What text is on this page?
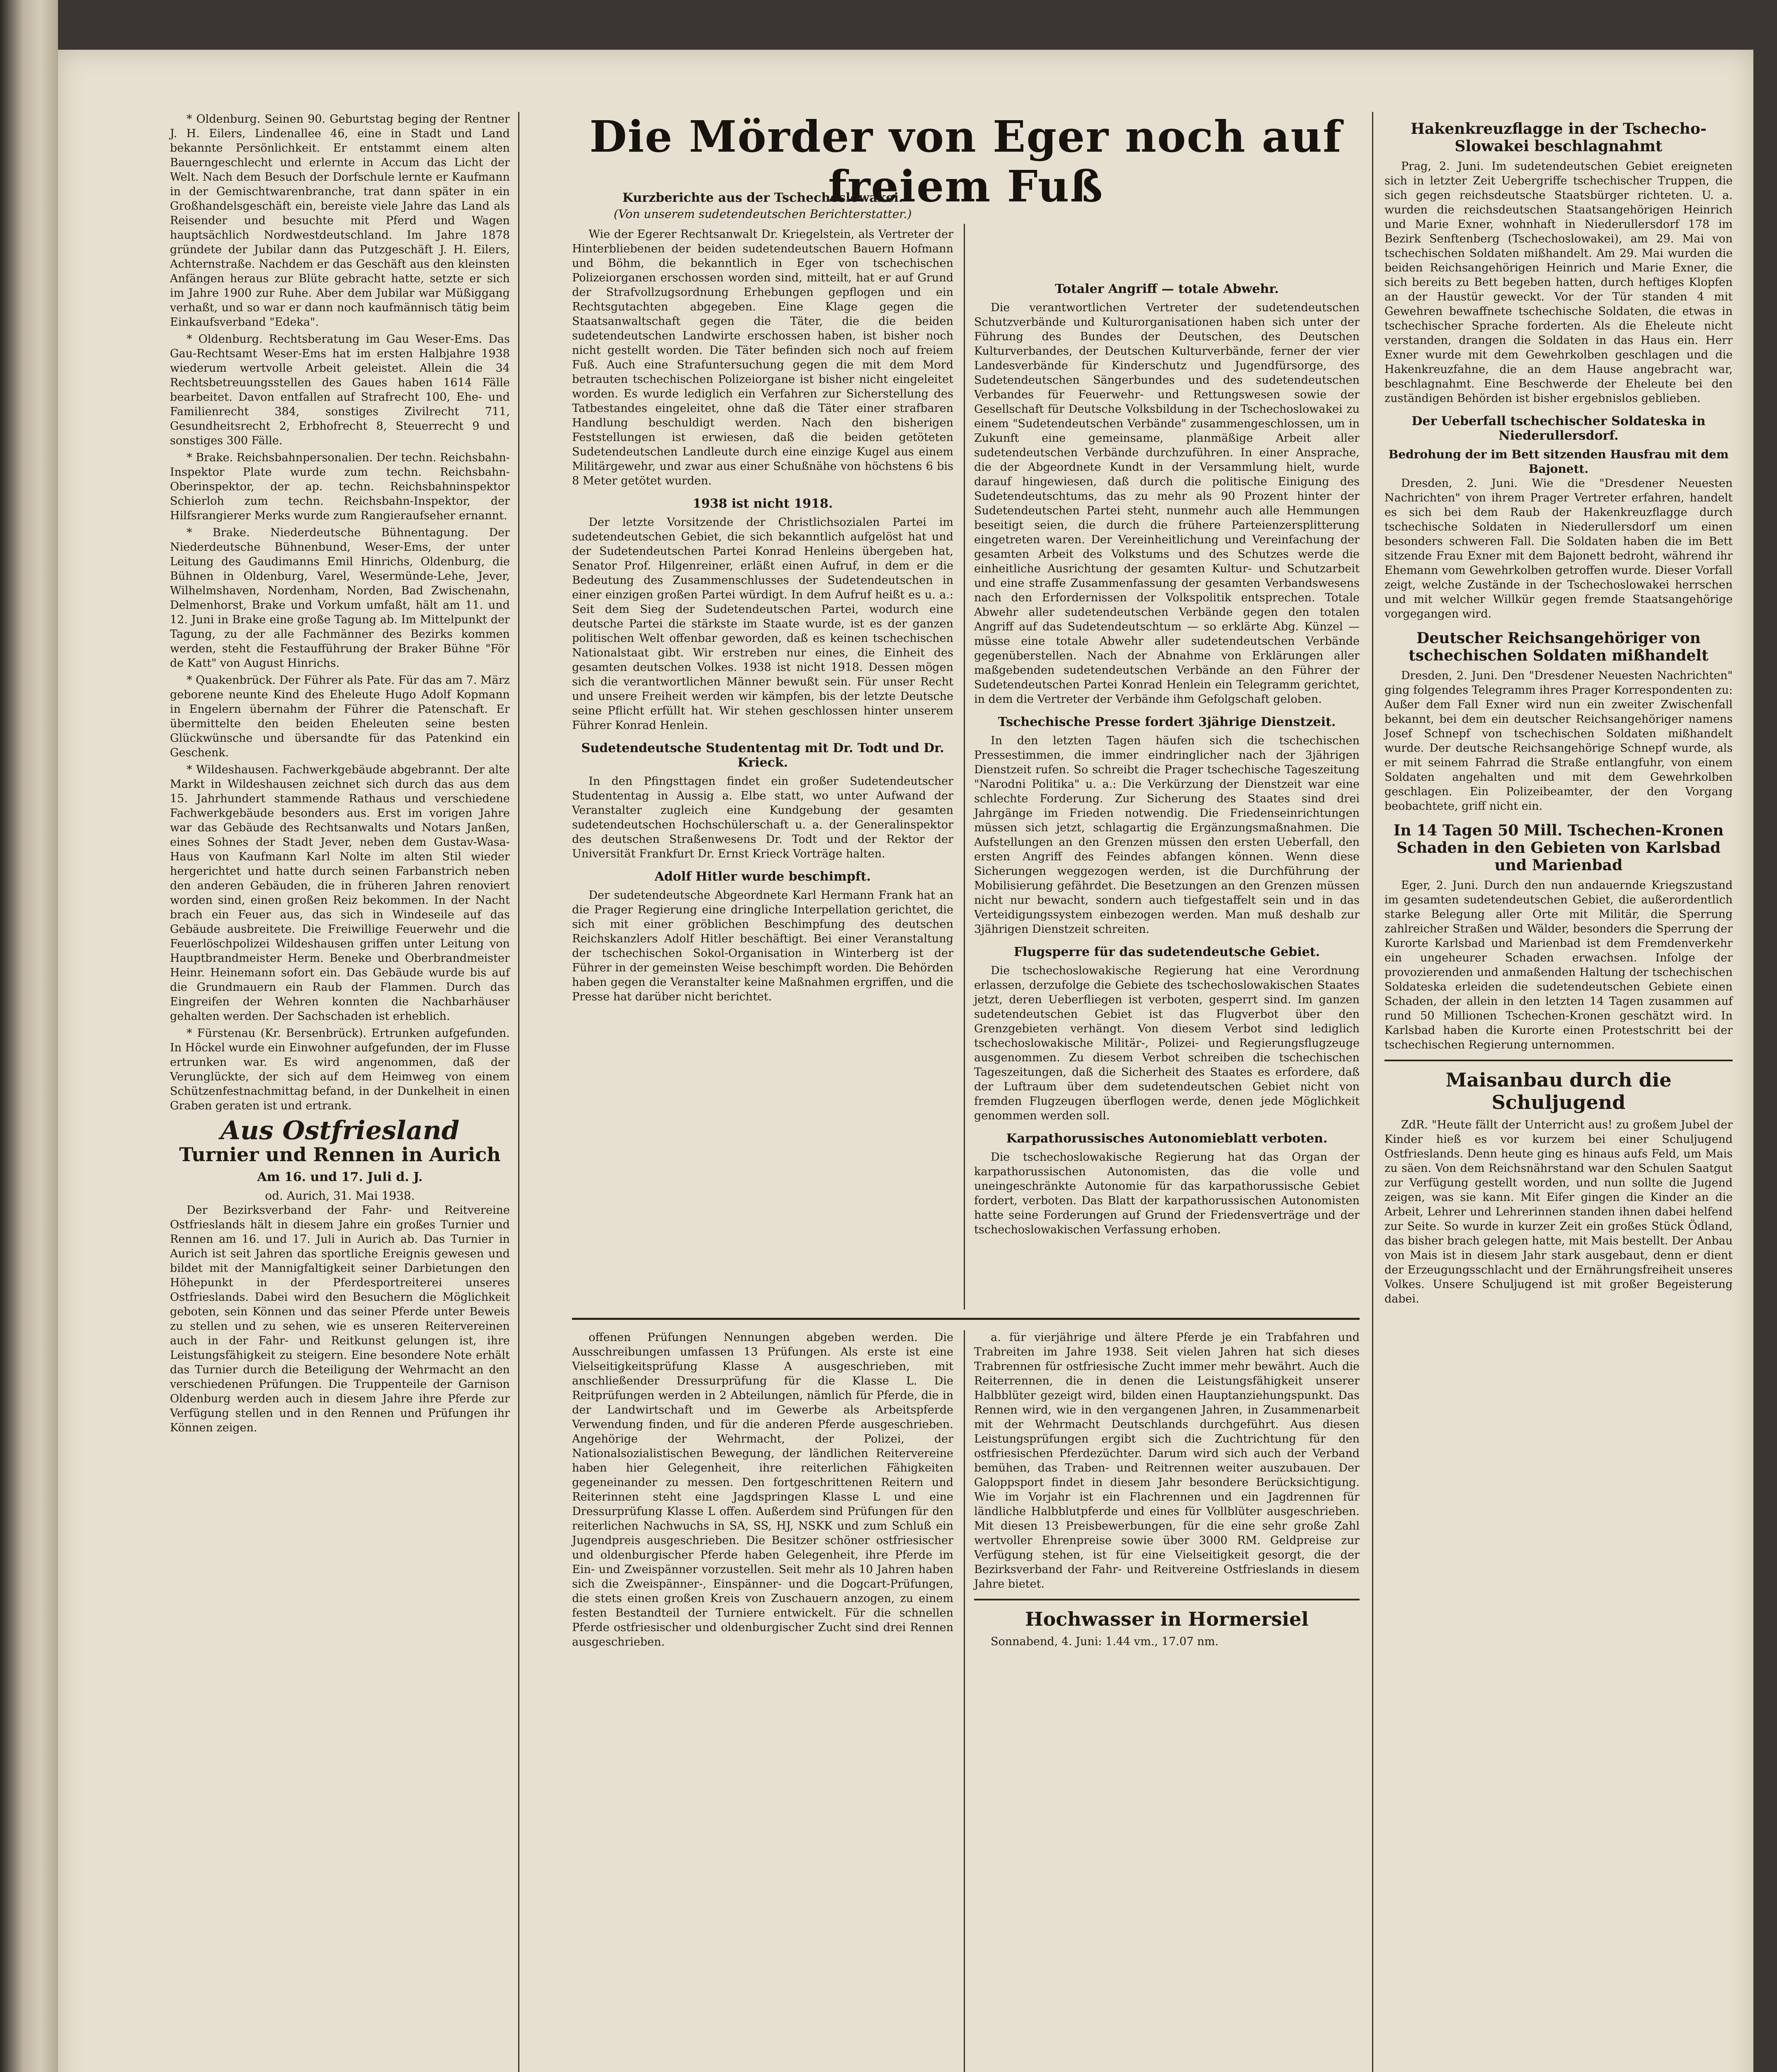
* Oldenburg. Seinen 90. Geburtstag beging der Rentner J. H. Eilers, Lindenallee 46, eine in Stadt und Land bekannte Persönlichkeit. Er entstammt einem alten Bauerngeschlecht und erlernte in Accum das Licht der Welt. Nach dem Besuch der Dorfschule lernte er Kaufmann in der Gemischtwarenbranche, trat dann später in ein Großhandelsgeschäft ein, bereiste viele Jahre das Land als Reisender und besuchte mit Pferd und Wagen hauptsächlich Nordwestdeutschland. Im Jahre 1878 gründete der Jubilar dann das Putzgeschäft J. H. Eilers, Achternstraße. Nachdem er das Geschäft aus den kleinsten Anfängen heraus zur Blüte gebracht hatte, setzte er sich im Jahre 1900 zur Ruhe. Aber dem Jubilar war Müßiggang verhaßt, und so war er dann noch kaufmännisch tätig beim Einkaufsverband "Edeka".

* Oldenburg. Rechtsberatung im Gau Weser-Ems. Das Gau-Rechtsamt Weser-Ems hat im ersten Halbjahre 1938 wiederum wertvolle Arbeit geleistet. Allein die 34 Rechtsbetreuungsstellen des Gaues haben 1614 Fälle bearbeitet. Davon entfallen auf Strafrecht 100, Ehe- und Familienrecht 384, sonstiges Zivilrecht 711, Gesundheitsrecht 2, Erbhofrecht 8, Steuerrecht 9 und sonstiges 300 Fälle.

* Brake. Reichsbahnpersonalien. Der techn. Reichsbahn-Inspektor Plate wurde zum techn. Reichsbahn-Oberinspektor, der ap. techn. Reichsbahninspektor Schierloh zum techn. Reichsbahn-Inspektor, der Hilfsrangierer Merks wurde zum Rangieraufseher ernannt.

* Brake. Niederdeutsche Bühnentagung. Der Niederdeutsche Bühnenbund, Weser-Ems, der unter Leitung des Gaudimanns Emil Hinrichs, Oldenburg, die Bühnen in Oldenburg, Varel, Wesermünde-Lehe, Jever, Wilhelmshaven, Nordenham, Norden, Bad Zwischenahn, Delmenhorst, Brake und Vorkum umfaßt, hält am 11. und 12. Juni in Brake eine große Tagung ab. Im Mittelpunkt der Tagung, zu der alle Fachmänner des Bezirks kommen werden, steht die Festaufführung der Braker Bühne "För de Katt" von August Hinrichs.

* Quakenbrück. Der Führer als Pate. Für das am 7. März geborene neunte Kind des Eheleute Hugo Adolf Kopmann in Engelern übernahm der Führer die Patenschaft. Er übermittelte den beiden Eheleuten seine besten Glückwünsche und übersandte für das Patenkind ein Geschenk.

* Wildeshausen. Fachwerkgebäude abgebrannt. Der alte Markt in Wildeshausen zeichnet sich durch das aus dem 15. Jahrhundert stammende Rathaus und verschiedene Fachwerkgebäude besonders aus. Erst im vorigen Jahre war das Gebäude des Rechtsanwalts und Notars Janßen, eines Sohnes der Stadt Jever, neben dem Gustav-Wasa-Haus von Kaufmann Karl Nolte im alten Stil wieder hergerichtet und hatte durch seinen Farbanstrich neben den anderen Gebäuden, die in früheren Jahren renoviert worden sind, einen großen Reiz bekommen. In der Nacht brach ein Feuer aus, das sich in Windeseile auf das Gebäude ausbreitete. Die Freiwillige Feuerwehr und die Feuerlöschpolizei Wildeshausen griffen unter Leitung von Hauptbrandmeister Herm. Beneke und Oberbrandmeister Heinr. Heinemann sofort ein. Das Gebäude wurde bis auf die Grundmauern ein Raub der Flammen. Durch das Eingreifen der Wehren konnten die Nachbarhäuser gehalten werden. Der Sachschaden ist erheblich.

* Fürstenau (Kr. Bersenbrück). Ertrunken aufgefunden. In Höckel wurde ein Einwohner aufgefunden, der im Flusse ertrunken war. Es wird angenommen, daß der Verunglückte, der sich auf dem Heimweg von einem Schützenfestnachmittag befand, in der Dunkelheit in einen Graben geraten ist und ertrank.

Aus Ostfriesland
Turnier und Rennen in Aurich
Am 16. und 17. Juli d. J.
od. Aurich, 31. Mai 1938.

Der Bezirksverband der Fahr- und Reitvereine Ostfrieslands hält in diesem Jahre ein großes Turnier und Rennen am 16. und 17. Juli in Aurich ab. Das Turnier in Aurich ist seit Jahren das sportliche Ereignis gewesen und bildet mit der Mannigfaltigkeit seiner Darbietungen den Höhepunkt in der Pferdesportreiterei unseres Ostfrieslands. Dabei wird den Besuchern die Möglichkeit geboten, sein Können und das seiner Pferde unter Beweis zu stellen und zu sehen, wie es unseren Reitervereinen auch in der Fahr- und Reitkunst gelungen ist, ihre Leistungsfähigkeit zu steigern. Eine besondere Note erhält das Turnier durch die Beteiligung der Wehrmacht an den verschiedenen Prüfungen. Die Truppenteile der Garnison Oldenburg werden auch in diesem Jahre ihre Pferde zur Verfügung stellen und in den Rennen und Prüfungen ihr Können zeigen.

Die Mörder von Eger noch auf freiem Fuß
Kurzberichte aus der Tschechoslowakei.
(Von unserem sudetendeutschen Berichterstatter.)

Wie der Egerer Rechtsanwalt Dr. Kriegelstein, als Vertreter der Hinterbliebenen der beiden sudetendeutschen Bauern Hofmann und Böhm, die bekanntlich in Eger von tschechischen Polizeiorganen erschossen worden sind, mitteilt, hat er auf Grund der Strafvollzugsordnung Erhebungen gepflogen und ein Rechtsgutachten abgegeben. Eine Klage gegen die Staatsanwaltschaft gegen die Täter, die die beiden sudetendeutschen Landwirte erschossen haben, ist bisher noch nicht gestellt worden. Die Täter befinden sich noch auf freiem Fuß. Auch eine Strafuntersuchung gegen die mit dem Mord betrauten tschechischen Polizeiorgane ist bisher nicht eingeleitet worden. Es wurde lediglich ein Verfahren zur Sicherstellung des Tatbestandes eingeleitet, ohne daß die Täter einer strafbaren Handlung beschuldigt werden. Nach den bisherigen Feststellungen ist erwiesen, daß die beiden getöteten Sudetendeutschen Landleute durch eine einzige Kugel aus einem Militärgewehr, und zwar aus einer Schußnähe von höchstens 6 bis 8 Meter getötet wurden.

1938 ist nicht 1918.

Der letzte Vorsitzende der Christlichsozialen Partei im sudetendeutschen Gebiet, die sich bekanntlich aufgelöst hat und der Sudetendeutschen Partei Konrad Henleins übergeben hat, Senator Prof. Hilgenreiner, erläßt einen Aufruf, in dem er die Bedeutung des Zusammenschlusses der Sudetendeutschen in einer einzigen großen Partei würdigt. In dem Aufruf heißt es u. a.: Seit dem Sieg der Sudetendeutschen Partei, wodurch eine deutsche Partei die stärkste im Staate wurde, ist es der ganzen politischen Welt offenbar geworden, daß es keinen tschechischen Nationalstaat gibt. Wir erstreben nur eines, die Einheit des gesamten deutschen Volkes. 1938 ist nicht 1918. Dessen mögen sich die verantwortlichen Männer bewußt sein. Für unser Recht und unsere Freiheit werden wir kämpfen, bis der letzte Deutsche seine Pflicht erfüllt hat. Wir stehen geschlossen hinter unserem Führer Konrad Henlein.

Sudetendeutsche Studententag mit Dr. Todt und Dr. Krieck.

In den Pfingsttagen findet ein großer Sudetendeutscher Studententag in Aussig a. Elbe statt, wo unter Aufwand der Veranstalter zugleich eine Kundgebung der gesamten sudetendeutschen Hochschülerschaft u. a. der Generalinspektor des deutschen Straßenwesens Dr. Todt und der Rektor der Universität Frankfurt Dr. Ernst Krieck Vorträge halten.

Adolf Hitler wurde beschimpft.

Der sudetendeutsche Abgeordnete Karl Hermann Frank hat an die Prager Regierung eine dringliche Interpellation gerichtet, die sich mit einer gröblichen Beschimpfung des deutschen Reichskanzlers Adolf Hitler beschäftigt. Bei einer Veranstaltung der tschechischen Sokol-Organisation in Winterberg ist der Führer in der gemeinsten Weise beschimpft worden. Die Behörden haben gegen die Veranstalter keine Maßnahmen ergriffen, und die Presse hat darüber nicht berichtet.

Totaler Angriff — totale Abwehr.

Die verantwortlichen Vertreter der sudetendeutschen Schutzverbände und Kulturorganisationen haben sich unter der Führung des Bundes der Deutschen, des Deutschen Kulturverbandes, der Deutschen Kulturverbände, ferner der vier Landesverbände für Kinderschutz und Jugendfürsorge, des Sudetendeutschen Sängerbundes und des sudetendeutschen Verbandes für Feuerwehr- und Rettungswesen sowie der Gesellschaft für Deutsche Volksbildung in der Tschechoslowakei zu einem "Sudetendeutschen Verbände" zusammengeschlossen, um in Zukunft eine gemeinsame, planmäßige Arbeit aller sudetendeutschen Verbände durchzuführen. In einer Ansprache, die der Abgeordnete Kundt in der Versammlung hielt, wurde darauf hingewiesen, daß durch die politische Einigung des Sudetendeutschtums, das zu mehr als 90 Prozent hinter der Sudetendeutschen Partei steht, nunmehr auch alle Hemmungen beseitigt seien, die durch die frühere Parteienzersplitterung eingetreten waren. Der Vereinheitlichung und Vereinfachung der gesamten Arbeit des Volkstums und des Schutzes werde die einheitliche Ausrichtung der gesamten Kultur- und Schutzarbeit und eine straffe Zusammenfassung der gesamten Verbandswesens nach den Erfordernissen der Volkspolitik entsprechen. Totale Abwehr aller sudetendeutschen Verbände gegen den totalen Angriff auf das Sudetendeutschtum — so erklärte Abg. Künzel — müsse eine totale Abwehr aller sudetendeutschen Verbände gegenüberstellen. Nach der Abnahme von Erklärungen aller maßgebenden sudetendeutschen Verbände an den Führer der Sudetendeutschen Partei Konrad Henlein ein Telegramm gerichtet, in dem die Vertreter der Verbände ihm Gefolgschaft geloben.

Tschechische Presse fordert 3jährige Dienstzeit.

In den letzten Tagen häufen sich die tschechischen Pressestimmen, die immer eindringlicher nach der 3jährigen Dienstzeit rufen. So schreibt die Prager tschechische Tageszeitung "Narodni Politika" u. a.: Die Verkürzung der Dienstzeit war eine schlechte Forderung. Zur Sicherung des Staates sind drei Jahrgänge im Frieden notwendig. Die Friedenseinrichtungen müssen sich jetzt, schlagartig die Ergänzungsmaßnahmen. Die Aufstellungen an den Grenzen müssen den ersten Ueberfall, den ersten Angriff des Feindes abfangen können. Wenn diese Sicherungen weggezogen werden, ist die Durchführung der Mobilisierung gefährdet. Die Besetzungen an den Grenzen müssen nicht nur bewacht, sondern auch tiefgestaffelt sein und in das Verteidigungssystem einbezogen werden. Man muß deshalb zur 3jährigen Dienstzeit schreiten.

Flugsperre für das sudetendeutsche Gebiet.

Die tschechoslowakische Regierung hat eine Verordnung erlassen, derzufolge die Gebiete des tschechoslowakischen Staates jetzt, deren Ueberfliegen ist verboten, gesperrt sind. Im ganzen sudetendeutschen Gebiet ist das Flugverbot über den Grenzgebieten verhängt. Von diesem Verbot sind lediglich tschechoslowakische Militär-, Polizei- und Regierungsflugzeuge ausgenommen. Zu diesem Verbot schreiben die tschechischen Tageszeitungen, daß die Sicherheit des Staates es erfordere, daß der Luftraum über dem sudetendeutschen Gebiet nicht von fremden Flugzeugen überflogen werde, denen jede Möglichkeit genommen werden soll.

Karpathorussisches Autonomieblatt verboten.

Die tschechoslowakische Regierung hat das Organ der karpathorussischen Autonomisten, das die volle und uneingeschränkte Autonomie für das karpathorussische Gebiet fordert, verboten. Das Blatt der karpathorussischen Autonomisten hatte seine Forderungen auf Grund der Friedensverträge und der tschechoslowakischen Verfassung erhoben.

offenen Prüfungen Nennungen abgeben werden. Die Ausschreibungen umfassen 13 Prüfungen. Als erste ist eine Vielseitigkeitsprüfung Klasse A ausgeschrieben, mit anschließender Dressurprüfung für die Klasse L. Die Reitprüfungen werden in 2 Abteilungen, nämlich für Pferde, die in der Landwirtschaft und im Gewerbe als Arbeitspferde Verwendung finden, und für die anderen Pferde ausgeschrieben. Angehörige der Wehrmacht, der Polizei, der Nationalsozialistischen Bewegung, der ländlichen Reitervereine haben hier Gelegenheit, ihre reiterlichen Fähigkeiten gegeneinander zu messen. Den fortgeschrittenen Reitern und Reiterinnen steht eine Jagdspringen Klasse L und eine Dressurprüfung Klasse L offen. Außerdem sind Prüfungen für den reiterlichen Nachwuchs in SA, SS, HJ, NSKK und zum Schluß ein Jugendpreis ausgeschrieben. Die Besitzer schöner ostfriesischer und oldenburgischer Pferde haben Gelegenheit, ihre Pferde im Ein- und Zweispänner vorzustellen. Seit mehr als 10 Jahren haben sich die Zweispänner-, Einspänner- und die Dogcart-Prüfungen, die stets einen großen Kreis von Zuschauern anzogen, zu einem festen Bestandteil der Turniere entwickelt. Für die schnellen Pferde ostfriesischer und oldenburgischer Zucht sind drei Rennen ausgeschrieben.

a. für vierjährige und ältere Pferde je ein Trabfahren und Trabreiten im Jahre 1938. Seit vielen Jahren hat sich dieses Trabrennen für ostfriesische Zucht immer mehr bewährt. Auch die Reiterrennen, die in denen die Leistungsfähigkeit unserer Halbblüter gezeigt wird, bilden einen Hauptanziehungspunkt. Das Rennen wird, wie in den vergangenen Jahren, in Zusammenarbeit mit der Wehrmacht Deutschlands durchgeführt. Aus diesen Leistungsprüfungen ergibt sich die Zuchtrichtung für den ostfriesischen Pferdezüchter. Darum wird sich auch der Verband bemühen, das Traben- und Reitrennen weiter auszubauen. Der Galoppsport findet in diesem Jahr besondere Berücksichtigung. Wie im Vorjahr ist ein Flachrennen und ein Jagdrennen für ländliche Halbblutpferde und eines für Vollblüter ausgeschrieben. Mit diesen 13 Preisbewerbungen, für die eine sehr große Zahl wertvoller Ehrenpreise sowie über 3000 RM. Geldpreise zur Verfügung stehen, ist für eine Vielseitigkeit gesorgt, die der Bezirksverband der Fahr- und Reitvereine Ostfrieslands in diesem Jahre bietet.

Hochwasser in Hormersiel

Sonnabend, 4. Juni: 1.44 vm., 17.07 nm.

Hakenkreuzflagge in der Tschecho-Slowakei beschlagnahmt

Prag, 2. Juni. Im sudetendeutschen Gebiet ereigneten sich in letzter Zeit Uebergriffe tschechischer Truppen, die sich gegen reichsdeutsche Staatsbürger richteten. U. a. wurden die reichsdeutschen Staatsangehörigen Heinrich und Marie Exner, wohnhaft in Niederullersdorf 178 im Bezirk Senftenberg (Tschechoslowakei), am 29. Mai von tschechischen Soldaten mißhandelt. Am 29. Mai wurden die beiden Reichsangehörigen Heinrich und Marie Exner, die sich bereits zu Bett begeben hatten, durch heftiges Klopfen an der Haustür geweckt. Vor der Tür standen 4 mit Gewehren bewaffnete tschechische Soldaten, die etwas in tschechischer Sprache forderten. Als die Eheleute nicht verstanden, drangen die Soldaten in das Haus ein. Herr Exner wurde mit dem Gewehrkolben geschlagen und die Hakenkreuzfahne, die an dem Hause angebracht war, beschlagnahmt. Eine Beschwerde der Eheleute bei den zuständigen Behörden ist bisher ergebnislos geblieben.

Der Ueberfall tschechischer Soldateska in Niederullersdorf.
Bedrohung der im Bett sitzenden Hausfrau mit dem Bajonett.

Dresden, 2. Juni. Wie die "Dresdener Neuesten Nachrichten" von ihrem Prager Vertreter erfahren, handelt es sich bei dem Raub der Hakenkreuzflagge durch tschechische Soldaten in Niederullersdorf um einen besonders schweren Fall. Die Soldaten haben die im Bett sitzende Frau Exner mit dem Bajonett bedroht, während ihr Ehemann vom Gewehrkolben getroffen wurde. Dieser Vorfall zeigt, welche Zustände in der Tschechoslowakei herrschen und mit welcher Willkür gegen fremde Staatsangehörige vorgegangen wird.

Deutscher Reichsangehöriger von tschechischen Soldaten mißhandelt

Dresden, 2. Juni. Den "Dresdener Neuesten Nachrichten" ging folgendes Telegramm ihres Prager Korrespondenten zu: Außer dem Fall Exner wird nun ein zweiter Zwischenfall bekannt, bei dem ein deutscher Reichsangehöriger namens Josef Schnepf von tschechischen Soldaten mißhandelt wurde. Der deutsche Reichsangehörige Schnepf wurde, als er mit seinem Fahrrad die Straße entlangfuhr, von einem Soldaten angehalten und mit dem Gewehrkolben geschlagen. Ein Polizeibeamter, der den Vorgang beobachtete, griff nicht ein.

In 14 Tagen 50 Mill. Tschechen-Kronen Schaden in den Gebieten von Karlsbad und Marienbad

Eger, 2. Juni. Durch den nun andauernde Kriegszustand im gesamten sudetendeutschen Gebiet, die außerordentlich starke Belegung aller Orte mit Militär, die Sperrung zahlreicher Straßen und Wälder, besonders die Sperrung der Kurorte Karlsbad und Marienbad ist dem Fremdenverkehr ein ungeheurer Schaden erwachsen. Infolge der provozierenden und anmaßenden Haltung der tschechischen Soldateska erleiden die sudetendeutschen Gebiete einen Schaden, der allein in den letzten 14 Tagen zusammen auf rund 50 Millionen Tschechen-Kronen geschätzt wird. In Karlsbad haben die Kurorte einen Protestschritt bei der tschechischen Regierung unternommen.

Maisanbau durch die Schuljugend

ZdR. "Heute fällt der Unterricht aus! zu großem Jubel der Kinder hieß es vor kurzem bei einer Schuljugend Ostfrieslands. Denn heute ging es hinaus aufs Feld, um Mais zu säen. Von dem Reichsnährstand war den Schulen Saatgut zur Verfügung gestellt worden, und nun sollte die Jugend zeigen, was sie kann. Mit Eifer gingen die Kinder an die Arbeit, Lehrer und Lehrerinnen standen ihnen dabei helfend zur Seite. So wurde in kurzer Zeit ein großes Stück Ödland, das bisher brach gelegen hatte, mit Mais bestellt. Der Anbau von Mais ist in diesem Jahr stark ausgebaut, denn er dient der Erzeugungsschlacht und der Ernährungsfreiheit unseres Volkes. Unsere Schuljugend ist mit großer Begeisterung dabei.
